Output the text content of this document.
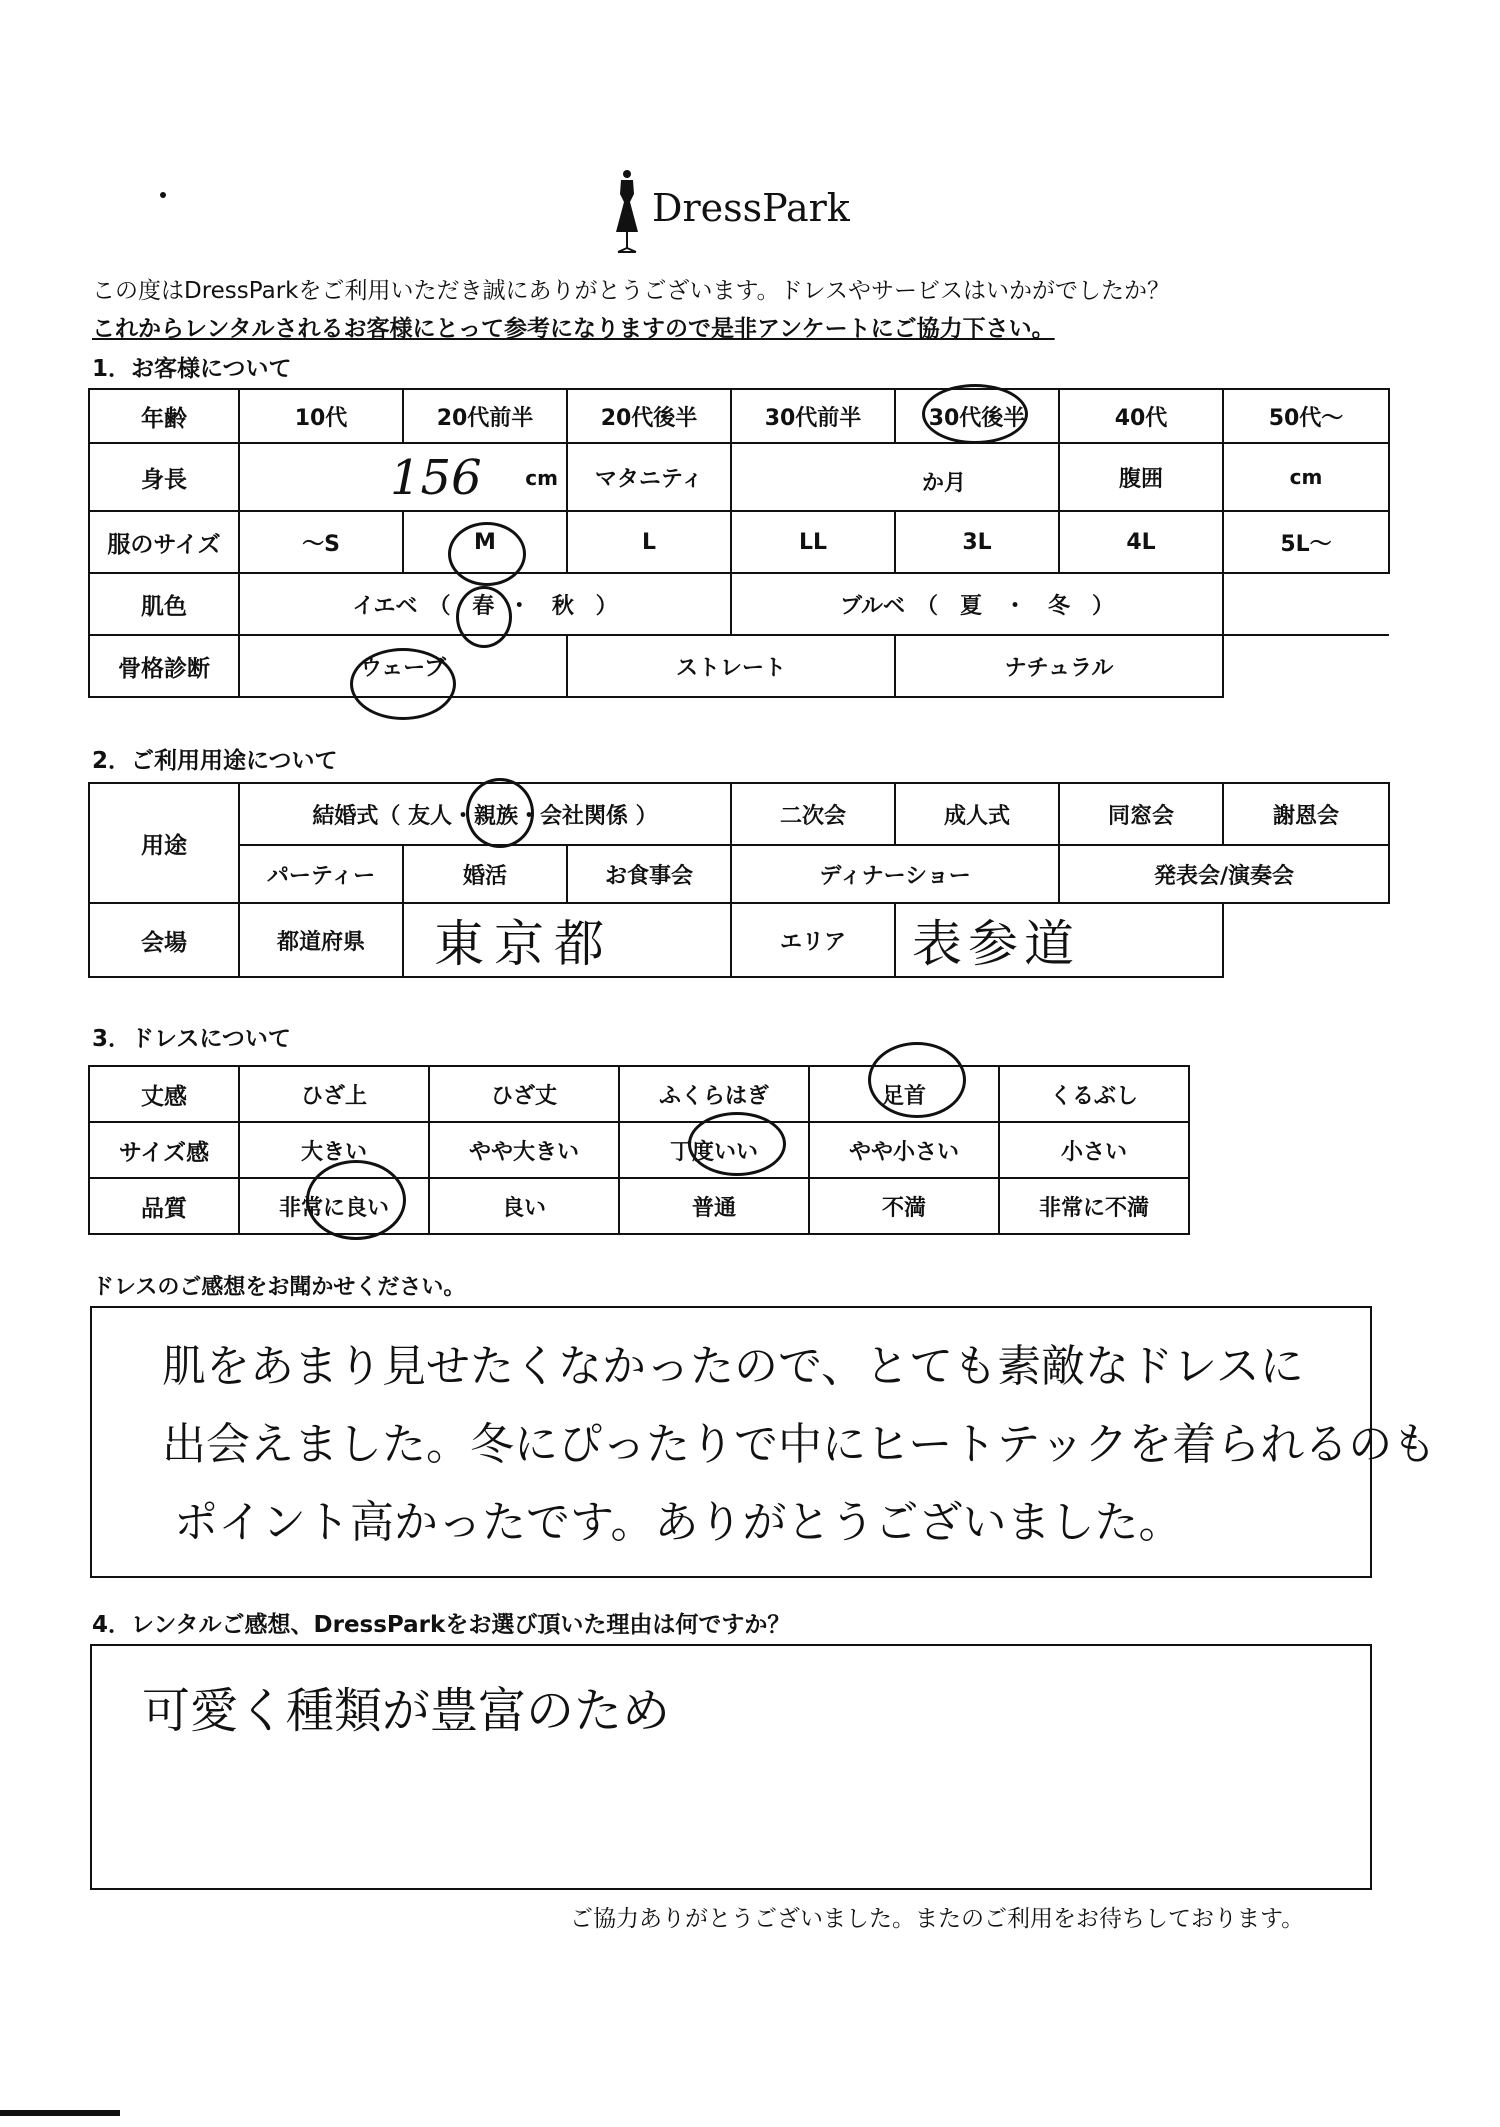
DressPark
この度はDressParkをご利用いただき誠にありがとうございます。ドレスやサービスはいかがでしたか？
これからレンタルされるお客様にとって参考になりますので是非アンケートにご協力下さい。
1．お客様について
年齢	10代	20代前半	20代後半	30代前半	30代後半	40代	50代～
身長	156 cm		マタニティ	か月		腹囲	cm
服のサイズ	～S	M	L	LL	3L	4L	5L～
肌色	イエベ　（ 春 ・ 秋 ）			ブルベ　（　夏　・　冬　）			
骨格診断	ウェーブ		ストレート		ナチュラル		
2．ご利用用途について
用途	結婚式（ 友人・親族・会社関係 ）			二次会	成人式	同窓会	謝恩会
	パーティー	婚活	お食事会	ディナーショー		発表会/演奏会	
会場	都道府県	東京都		エリア	表参道		
3．ドレスについて
丈感	ひざ上	ひざ丈	ふくらはぎ	足首	くるぶし
サイズ感	大きい	やや大きい	丁度いい	やや小さい	小さい
品質	非常に良い	良い	普通	不満	非常に不満
ドレスのご感想をお聞かせください。
肌をあまり見せたくなかったので、とても素敵なドレスに
出会えました。冬にぴったりで中にヒートテックを着られるのも
ポイント高かったです。ありがとうございました。
4．レンタルご感想、DressParkをお選び頂いた理由は何ですか？
可愛く種類が豊富のため
ご協力ありがとうございました。またのご利用をお待ちしております。
